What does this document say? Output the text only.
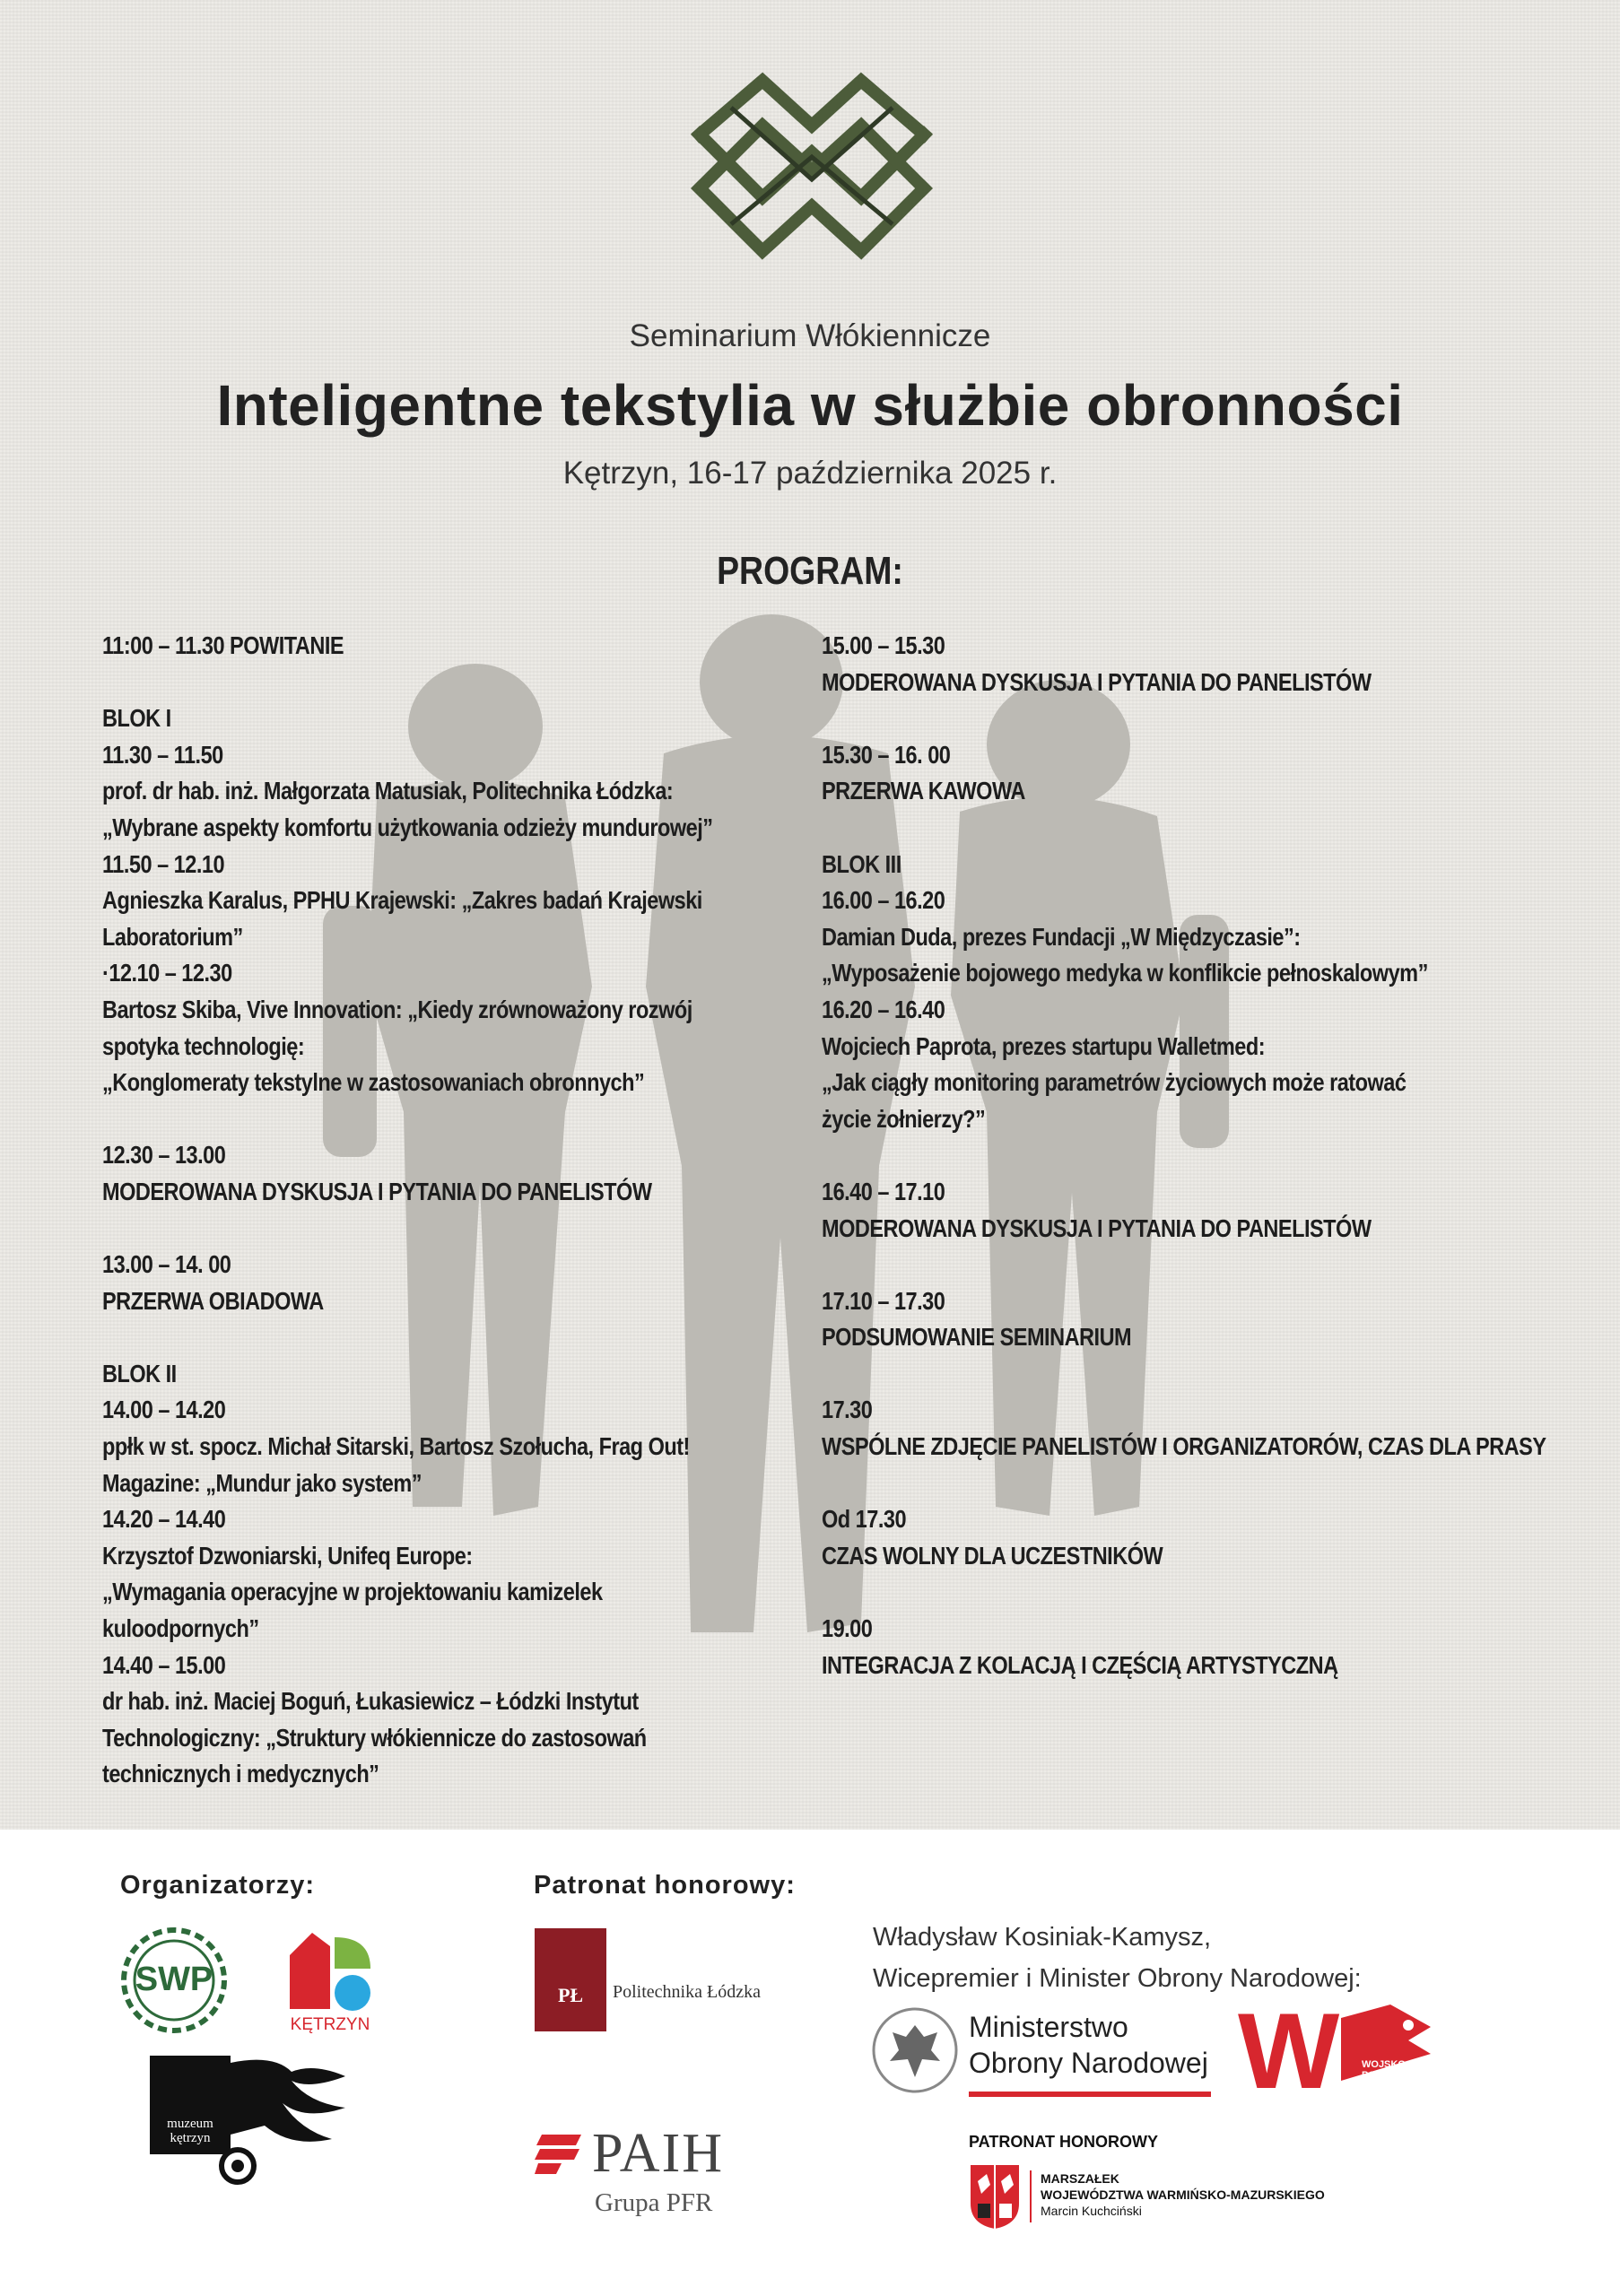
Seminarium Włókiennicze
Inteligentne tekstylia w służbie obronności
Kętrzyn, 16-17 października 2025 r.
PROGRAM:
11:00 – 11.30 POWITANIE
BLOK I
11.30 – 11.50
prof. dr hab. inż. Małgorzata Matusiak, Politechnika Łódzka:
„Wybrane aspekty komfortu użytkowania odzieży mundurowej”
11.50 – 12.10
Agnieszka Karalus, PPHU Krajewski: „Zakres badań Krajewski
Laboratorium”
·12.10 – 12.30
Bartosz Skiba, Vive Innovation: „Kiedy zrównoważony rozwój
spotyka technologię:
„Konglomeraty tekstylne w zastosowaniach obronnych”
12.30 – 13.00
MODEROWANA DYSKUSJA I PYTANIA DO PANELISTÓW
13.00 – 14. 00
PRZERWA OBIADOWA
BLOK II
14.00 – 14.20
ppłk w st. spocz. Michał Sitarski, Bartosz Szołucha, Frag Out!
Magazine: „Mundur jako system”
14.20 – 14.40
Krzysztof Dzwoniarski, Unifeq Europe:
„Wymagania operacyjne w projektowaniu kamizelek
kuloodpornych”
14.40 – 15.00
dr hab. inż. Maciej Boguń, Łukasiewicz – Łódzki Instytut
Technologiczny: „Struktury włókiennicze do zastosowań
technicznych i medycznych”
15.00 – 15.30
MODEROWANA DYSKUSJA I PYTANIA DO PANELISTÓW
15.30 – 16. 00
PRZERWA KAWOWA
BLOK III
16.00 – 16.20
Damian Duda, prezes Fundacji „W Międzyczasie”:
„Wyposażenie bojowego medyka w konflikcie pełnoskalowym”
16.20 – 16.40
Wojciech Paprota, prezes startupu Walletmed:
„Jak ciągły monitoring parametrów życiowych może ratować
życie żołnierzy?”
16.40 – 17.10
MODEROWANA DYSKUSJA I PYTANIA DO PANELISTÓW
17.10 – 17.30
PODSUMOWANIE SEMINARIUM
17.30
WSPÓLNE ZDJĘCIE PANELISTÓW I ORGANIZATORÓW, CZAS DLA PRASY
Od 17.30
CZAS WOLNY DLA UCZESTNIKÓW
19.00
INTEGRACJA Z KOLACJĄ I CZĘŚCIĄ ARTYSTYCZNĄ
Organizatorzy:	Patronat honorowy:
Władysław Kosiniak-Kamysz,
Wicepremier i Minister Obrony Narodowej:
SWP
KĘTRZYN
muzeum kętrzyn
PŁ	Politechnika Łódzka
PAIH
Grupa PFR
Ministerstwo
Obrony Narodowej W	WOJSKO
POLSKIE
PATRONAT HONOROWY
MARSZAŁEK
WOJEWÓDZTWA WARMIŃSKO-MAZURSKIEGO
Marcin Kuchciński
